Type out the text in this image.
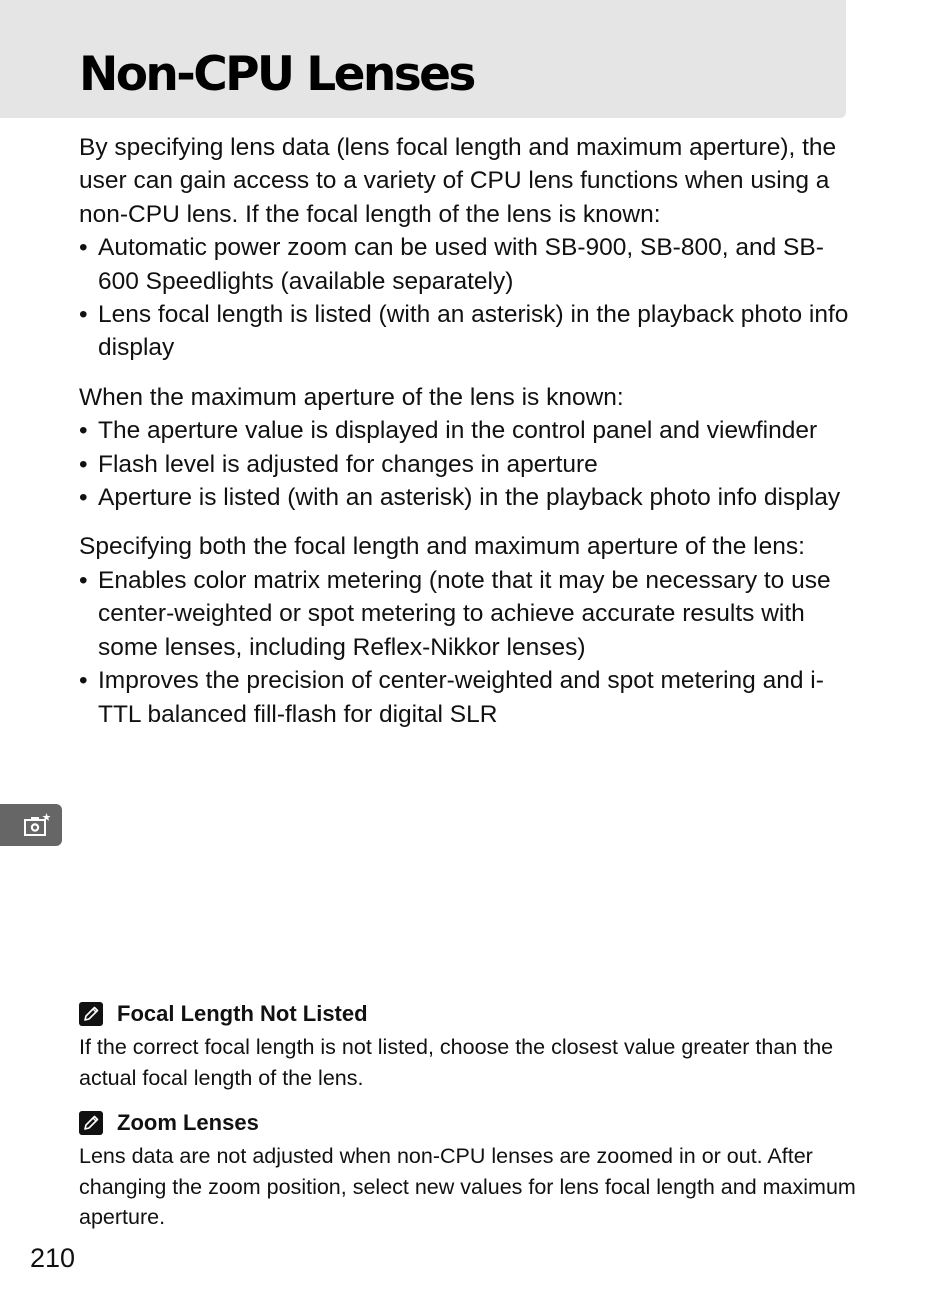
Non-CPU Lenses

By specifying lens data (lens focal length and maximum aperture), the user can gain access to a variety of CPU lens functions when using a non-CPU lens. If the focal length of the lens is known:

• Automatic power zoom can be used with SB-900, SB-800, and SB-600 Speedlights (available separately)
• Lens focal length is listed (with an asterisk) in the playback photo info display

When the maximum aperture of the lens is known:

• The aperture value is displayed in the control panel and viewfinder
• Flash level is adjusted for changes in aperture
• Aperture is listed (with an asterisk) in the playback photo info display

Specifying both the focal length and maximum aperture of the lens:

• Enables color matrix metering (note that it may be necessary to use center-weighted or spot metering to achieve accurate results with some lenses, including Reflex-Nikkor lenses)
• Improves the precision of center-weighted and spot metering and i-TTL balanced fill-flash for digital SLR
Focal Length Not Listed

If the correct focal length is not listed, choose the closest value greater than the actual focal length of the lens.

Zoom Lenses

Lens data are not adjusted when non-CPU lenses are zoomed in or out. After changing the zoom position, select new values for lens focal length and maximum aperture.

210
